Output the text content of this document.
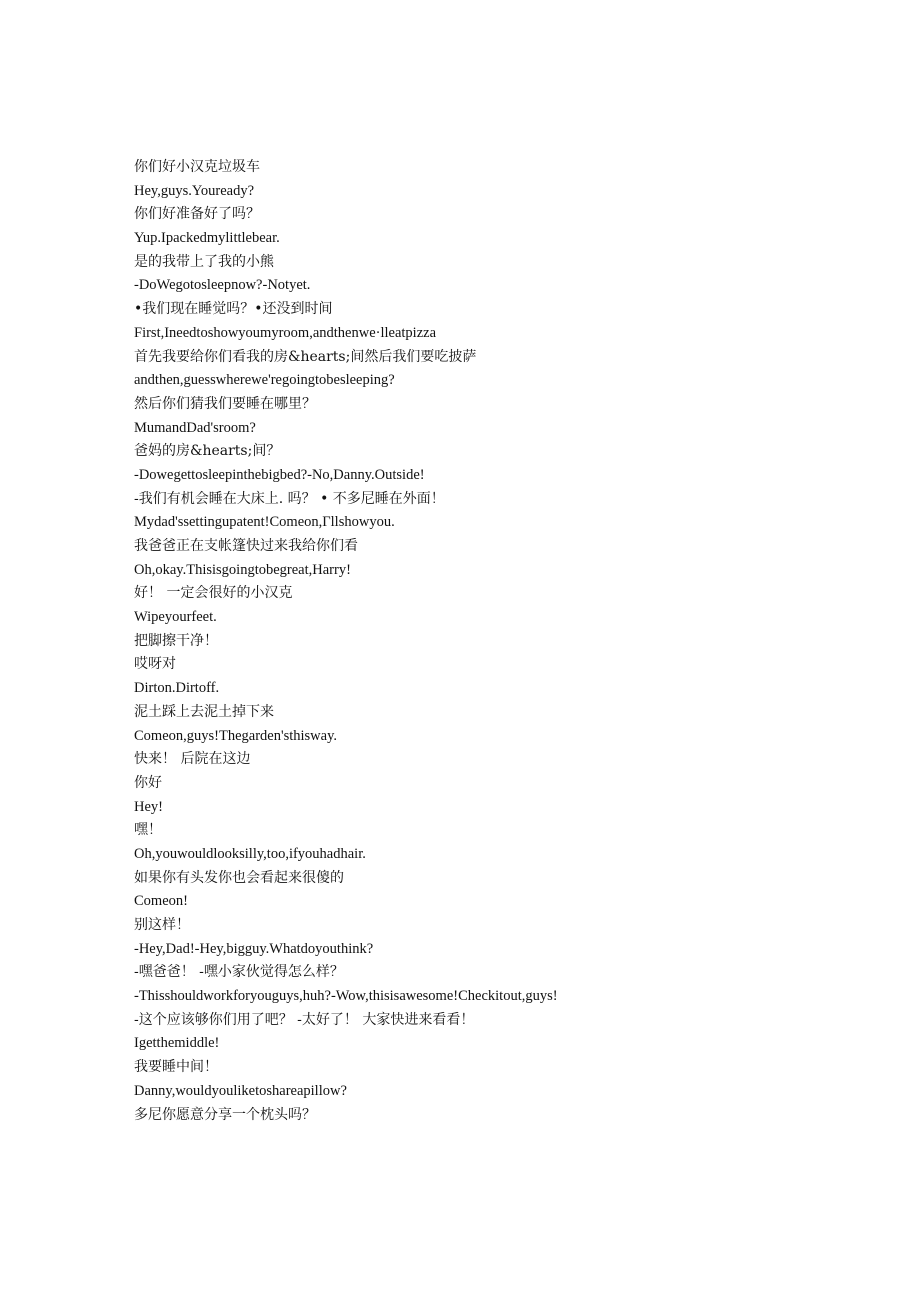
你们好小汉克垃圾车
Hey,guys.Youready?
你们好准备好了吗？
Yup.Ipackedmylittlebear.
是的我带上了我的小熊
-DoWegotosleepnow?-Notyet.
•我们现在睡觉吗？•还没到时间
First,Ineedtoshowyoumyroom,andthenwe·lleatpizza
首先我要给你们看我的房&hearts;间然后我们要吃披萨
andthen,guesswherewe'regoingtobesleeping?
然后你们猜我们要睡在哪里？
MumandDad'sroom?
爸妈的房&hearts;间？
-Dowegettosleepinthebigbed?-No,Danny.Outside!
-我们有机会睡在大床上. 吗？ • 不多尼睡在外面！
Mydad'ssettingupatent!Comeon,Γllshowyou.
我爸爸正在支帐篷快过来我给你们看
Oh,okay.Thisisgoingtobegreat,Harry!
好！ 一定会很好的小汉克
Wipeyourfeet.
把脚擦干净！
哎呀对
Dirton.Dirtoff.
泥土踩上去泥土掉下来
Comeon,guys!Thegarden'sthisway.
快来！ 后院在这边
你好
Hey!
嘿！
Oh,youwouldlooksilly,too,ifyouhadhair.
如果你有头发你也会看起来很傻的
Comeon!
别这样！
-Hey,Dad!-Hey,bigguy.Whatdoyouthink?
-嘿爸爸！ -嘿小家伙觉得怎么样？
-Thisshouldworkforyouguys,huh?-Wow,thisisawesome!Checkitout,guys!
-这个应该够你们用了吧？ -太好了！ 大家快进来看看！
Igetthemiddle!
我要睡中间！
Danny,wouldyouliketoshareapillow?
多尼你愿意分享一个枕头吗？
